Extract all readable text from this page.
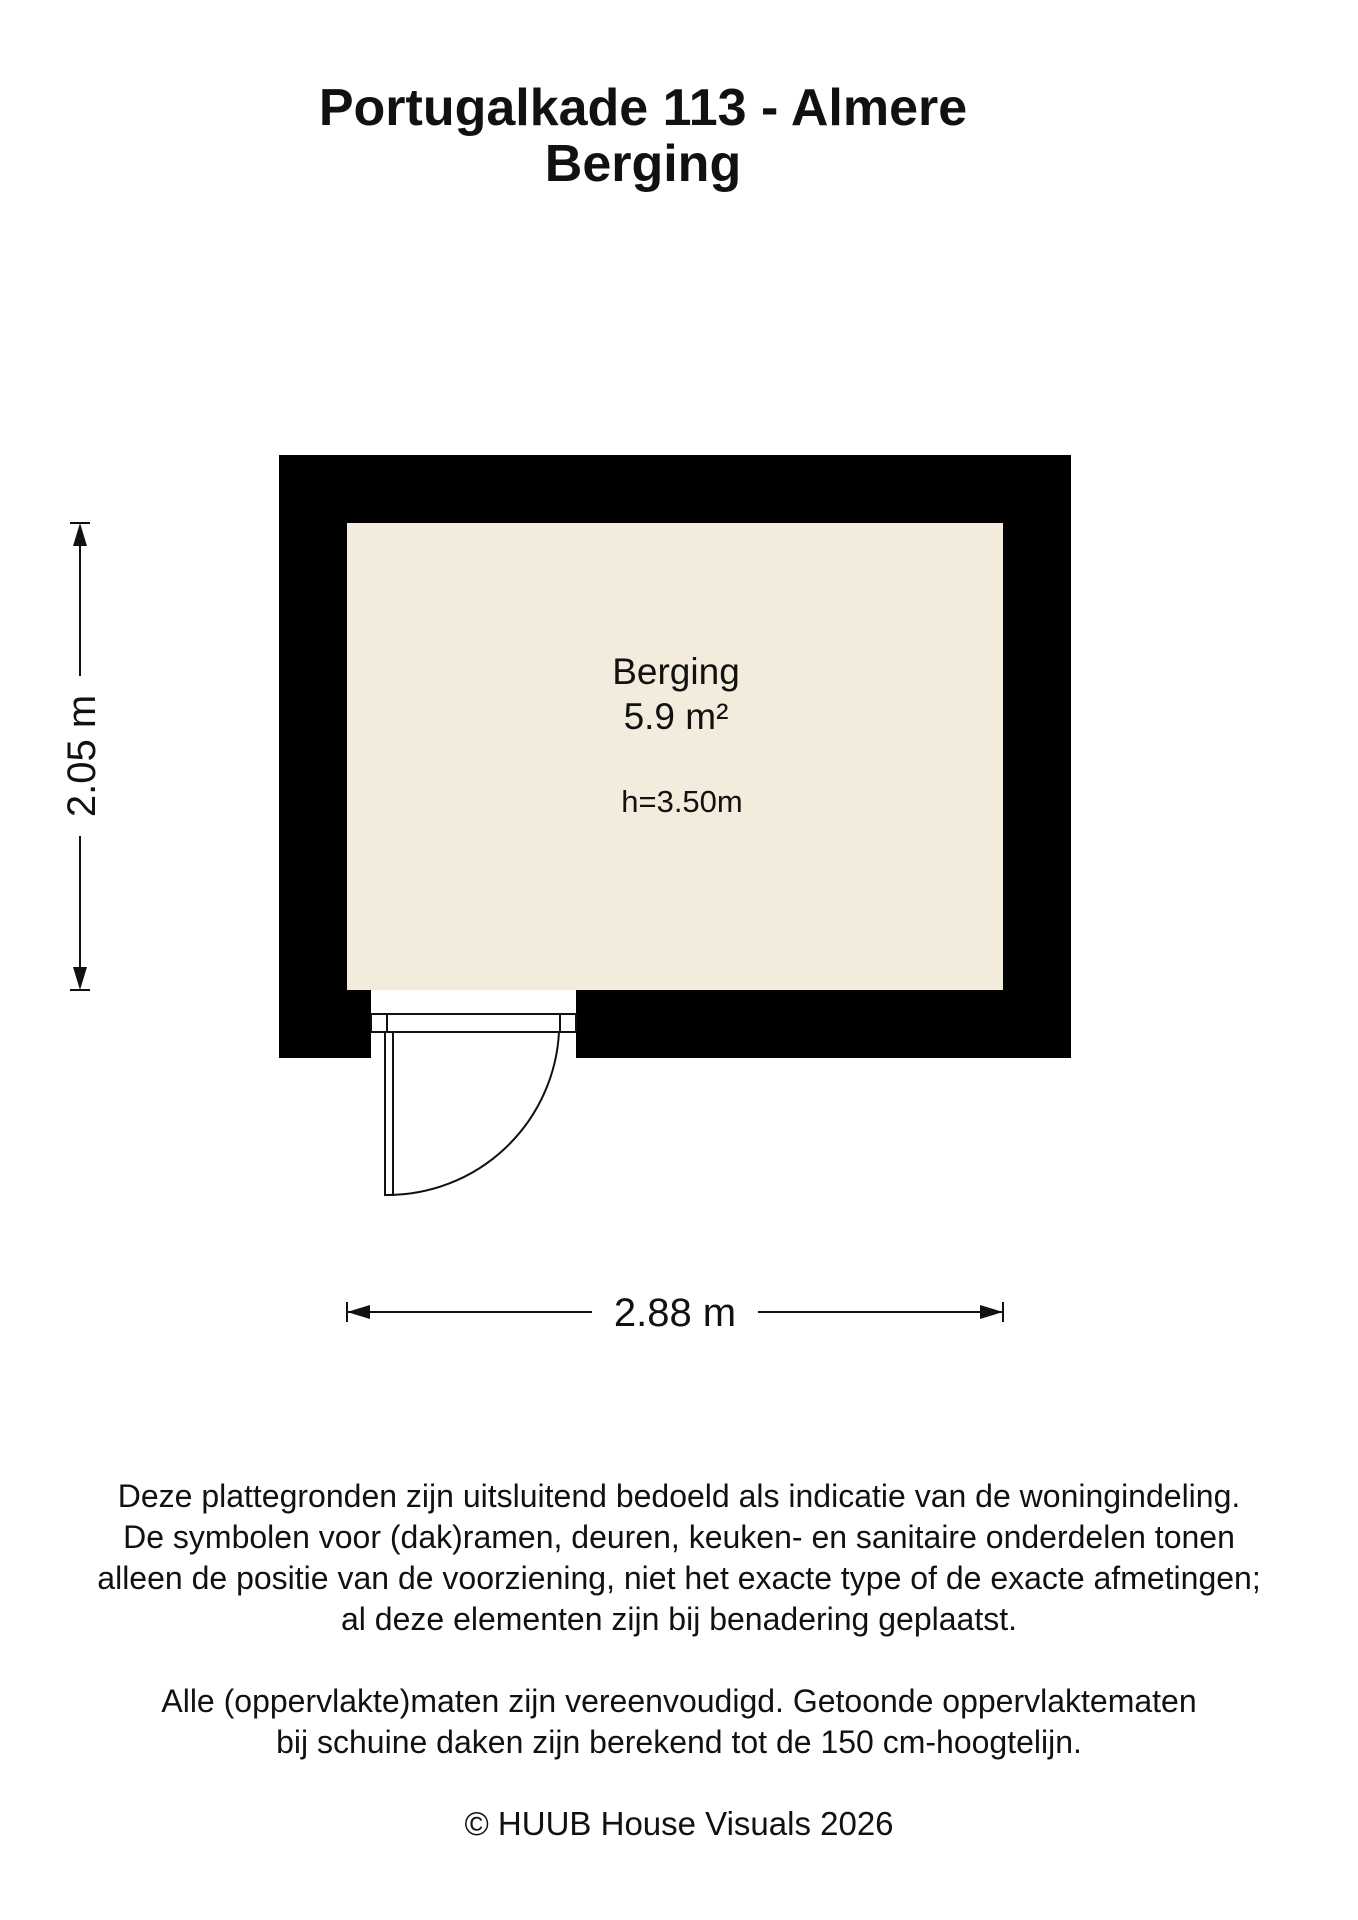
Portugalkade 113 - Almere
Berging
Berging
5.9 m²
h=3.50m
2.05 m
2.88 m

Deze plattegronden zijn uitsluitend bedoeld als indicatie van de woningindeling.

De symbolen voor (dak)ramen, deuren, keuken- en sanitaire onderdelen tonen

alleen de positie van de voorziening, niet het exacte type of de exacte afmetingen;

al deze elementen zijn bij benadering geplaatst.

Alle (oppervlakte)maten zijn vereenvoudigd. Getoonde oppervlaktematen

bij schuine daken zijn berekend tot de 150 cm-hoogtelijn.

© HUUB House Visuals 2026
